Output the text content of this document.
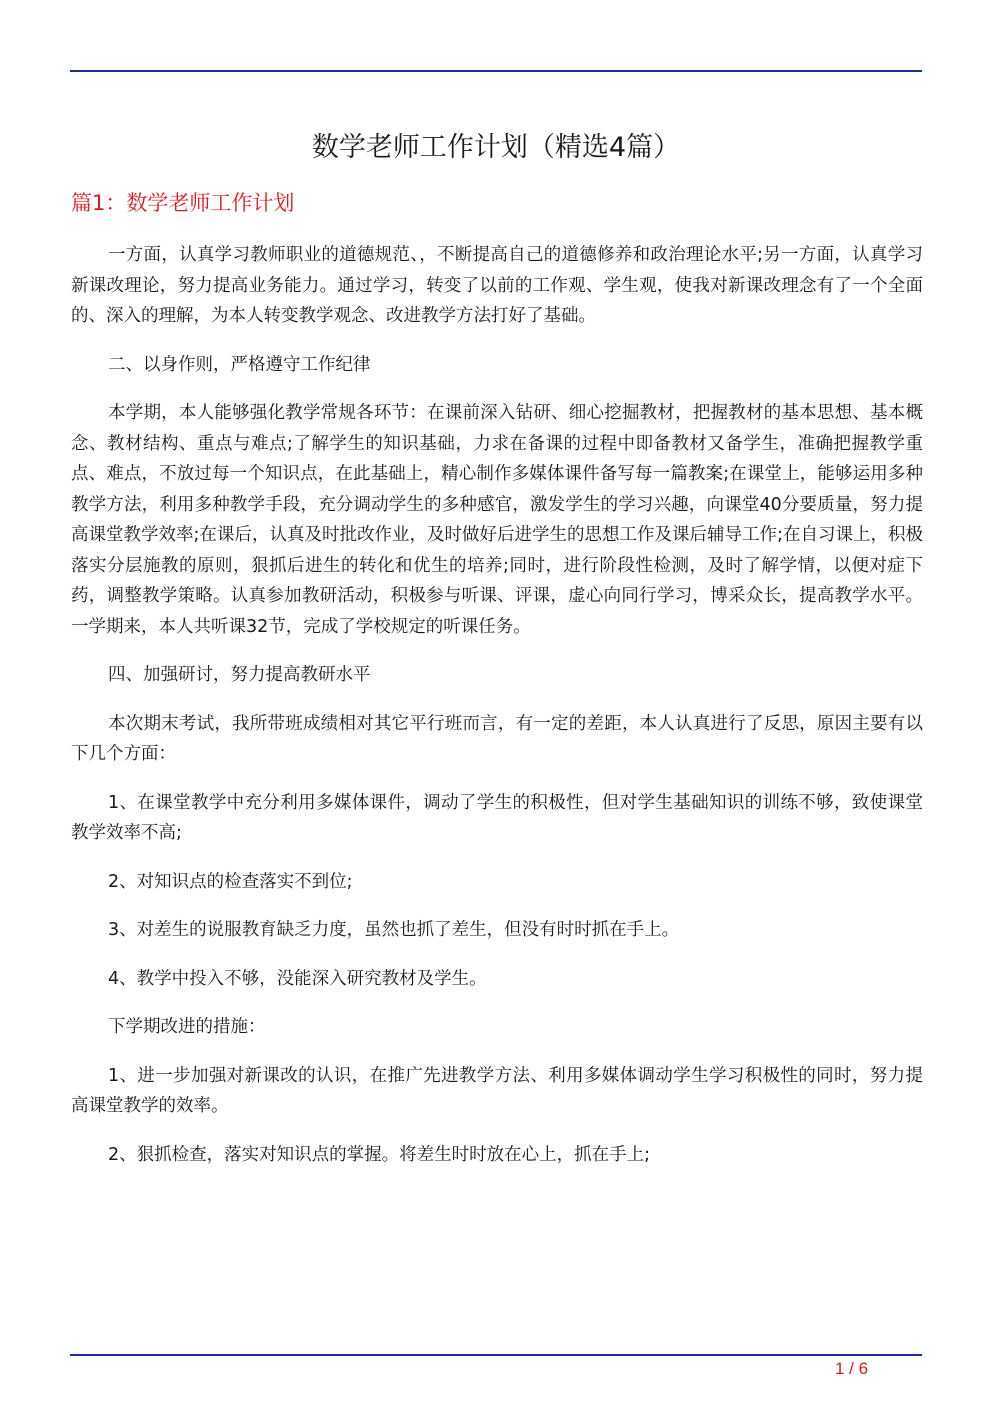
数学老师工作计划（精选4篇）
篇1：数学老师工作计划

一方面，认真学习教师职业的道德规范、，不断提高自己的道德修养和政治理论水平;另一方面，认真学习新课改理论，努力提高业务能力。通过学习，转变了以前的工作观、学生观，使我对新课改理念有了一个全面的、深入的理解，为本人转变教学观念、改进教学方法打好了基础。

二、以身作则，严格遵守工作纪律

本学期，本人能够强化教学常规各环节：在课前深入钻研、细心挖掘教材，把握教材的基本思想、基本概念、教材结构、重点与难点;了解学生的知识基础，力求在备课的过程中即备教材又备学生，准确把握教学重点、难点，不放过每一个知识点，在此基础上，精心制作多媒体课件备写每一篇教案;在课堂上，能够运用多种教学方法，利用多种教学手段，充分调动学生的多种感官，激发学生的学习兴趣，向课堂40分要质量，努力提高课堂教学效率;在课后，认真及时批改作业，及时做好后进学生的思想工作及课后辅导工作;在自习课上，积极落实分层施教的原则，狠抓后进生的转化和优生的培养;同时，进行阶段性检测，及时了解学情，以便对症下药，调整教学策略。认真参加教研活动，积极参与听课、评课，虚心向同行学习，博采众长，提高教学水平。一学期来，本人共听课32节，完成了学校规定的听课任务。

四、加强研讨，努力提高教研水平

本次期末考试，我所带班成绩相对其它平行班而言，有一定的差距，本人认真进行了反思，原因主要有以下几个方面：

1、在课堂教学中充分利用多媒体课件，调动了学生的积极性，但对学生基础知识的训练不够，致使课堂教学效率不高;

2、对知识点的检查落实不到位;

3、对差生的说服教育缺乏力度，虽然也抓了差生，但没有时时抓在手上。

4、教学中投入不够，没能深入研究教材及学生。

下学期改进的措施：

1、进一步加强对新课改的认识，在推广先进教学方法、利用多媒体调动学生学习积极性的同时，努力提高课堂教学的效率。

2、狠抓检查，落实对知识点的掌握。将差生时时放在心上，抓在手上;

1 / 6
